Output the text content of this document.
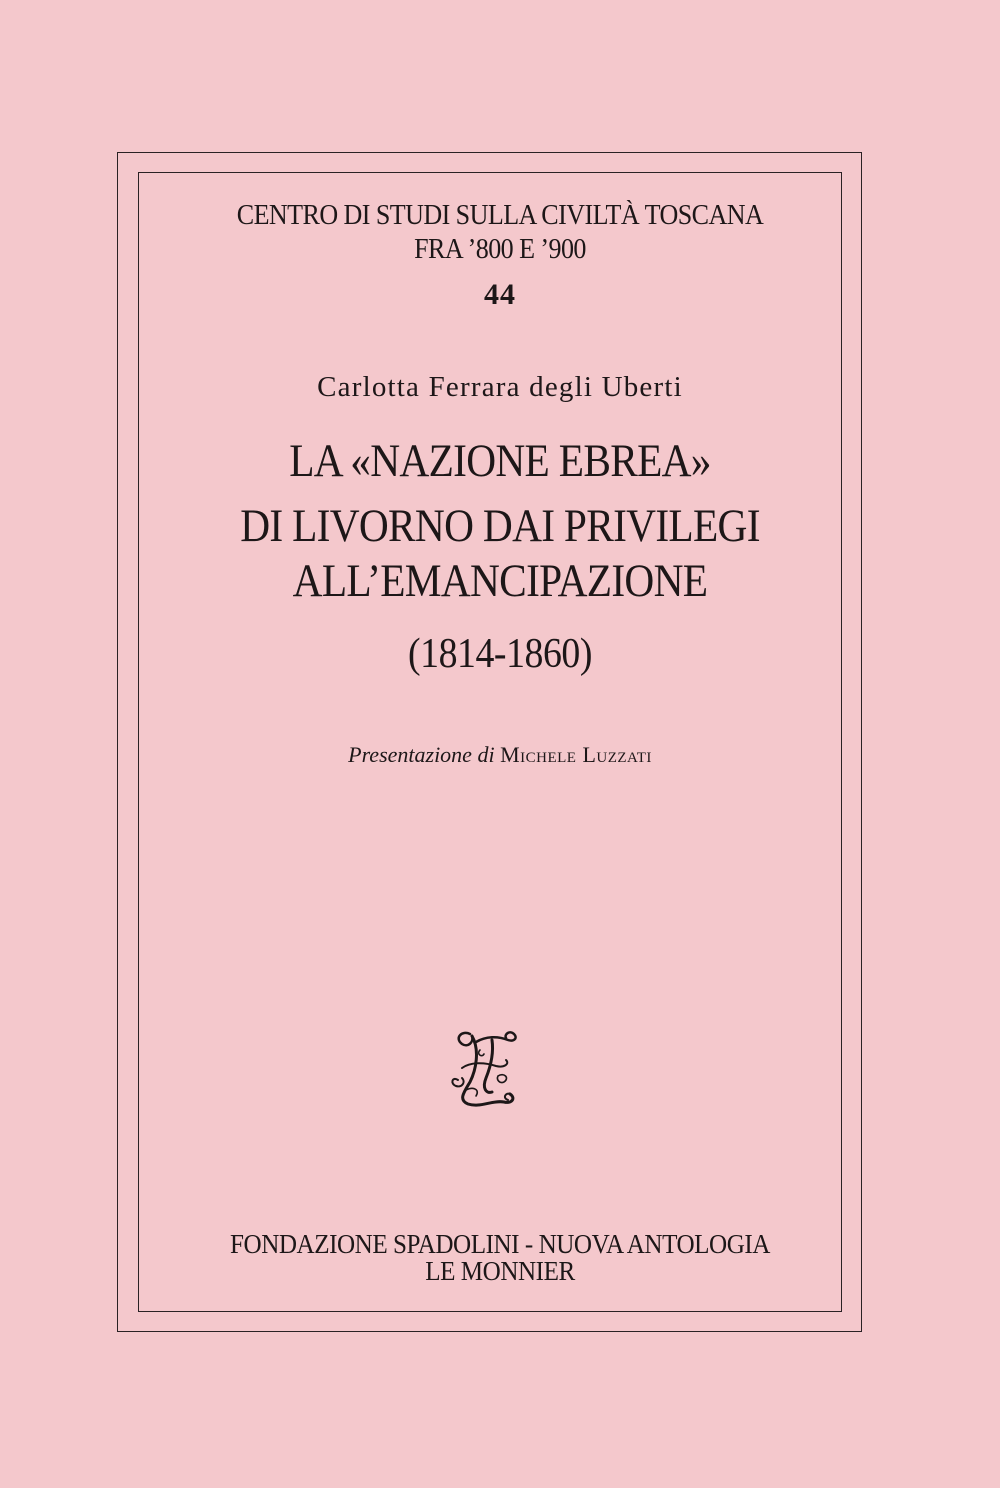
CENTRO DI STUDI SULLA CIVILTÀ TOSCANA
FRA ’800 E ’900
44
Carlotta Ferrara degli Uberti
LA «NAZIONE EBREA»
DI LIVORNO DAI PRIVILEGI
ALL’EMANCIPAZIONE
(1814-1860)
Presentazione di Michele Luzzati
FONDAZIONE SPADOLINI - NUOVA ANTOLOGIA
LE MONNIER
